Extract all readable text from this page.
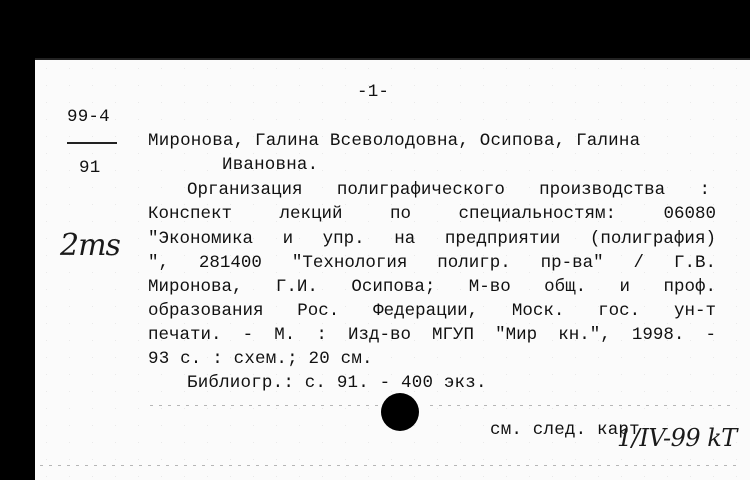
-1-
99-4
91
2ms
Миронова, Галина Всеволодовна, Осипова, Галина
Ивановна.
Организация полиграфического производства :
Конспект	лекций	по	специальностям:	06080
"Экономика и упр. на предприятии (полиграфия)
", 281400 "Технология полигр. пр-ва" / Г.В.
Миронова, Г.И. Осипова; М-во общ. и проф.
образования Рос. Федерации, Моск. гос. ун-т
печати. - М. : Изд-во МГУП "Мир кн.", 1998. -
93 с. : схем.; 20 см.
Библиогр.: с. 91. - 400 экз.
см. след. карт.
1/IV-99 kT
